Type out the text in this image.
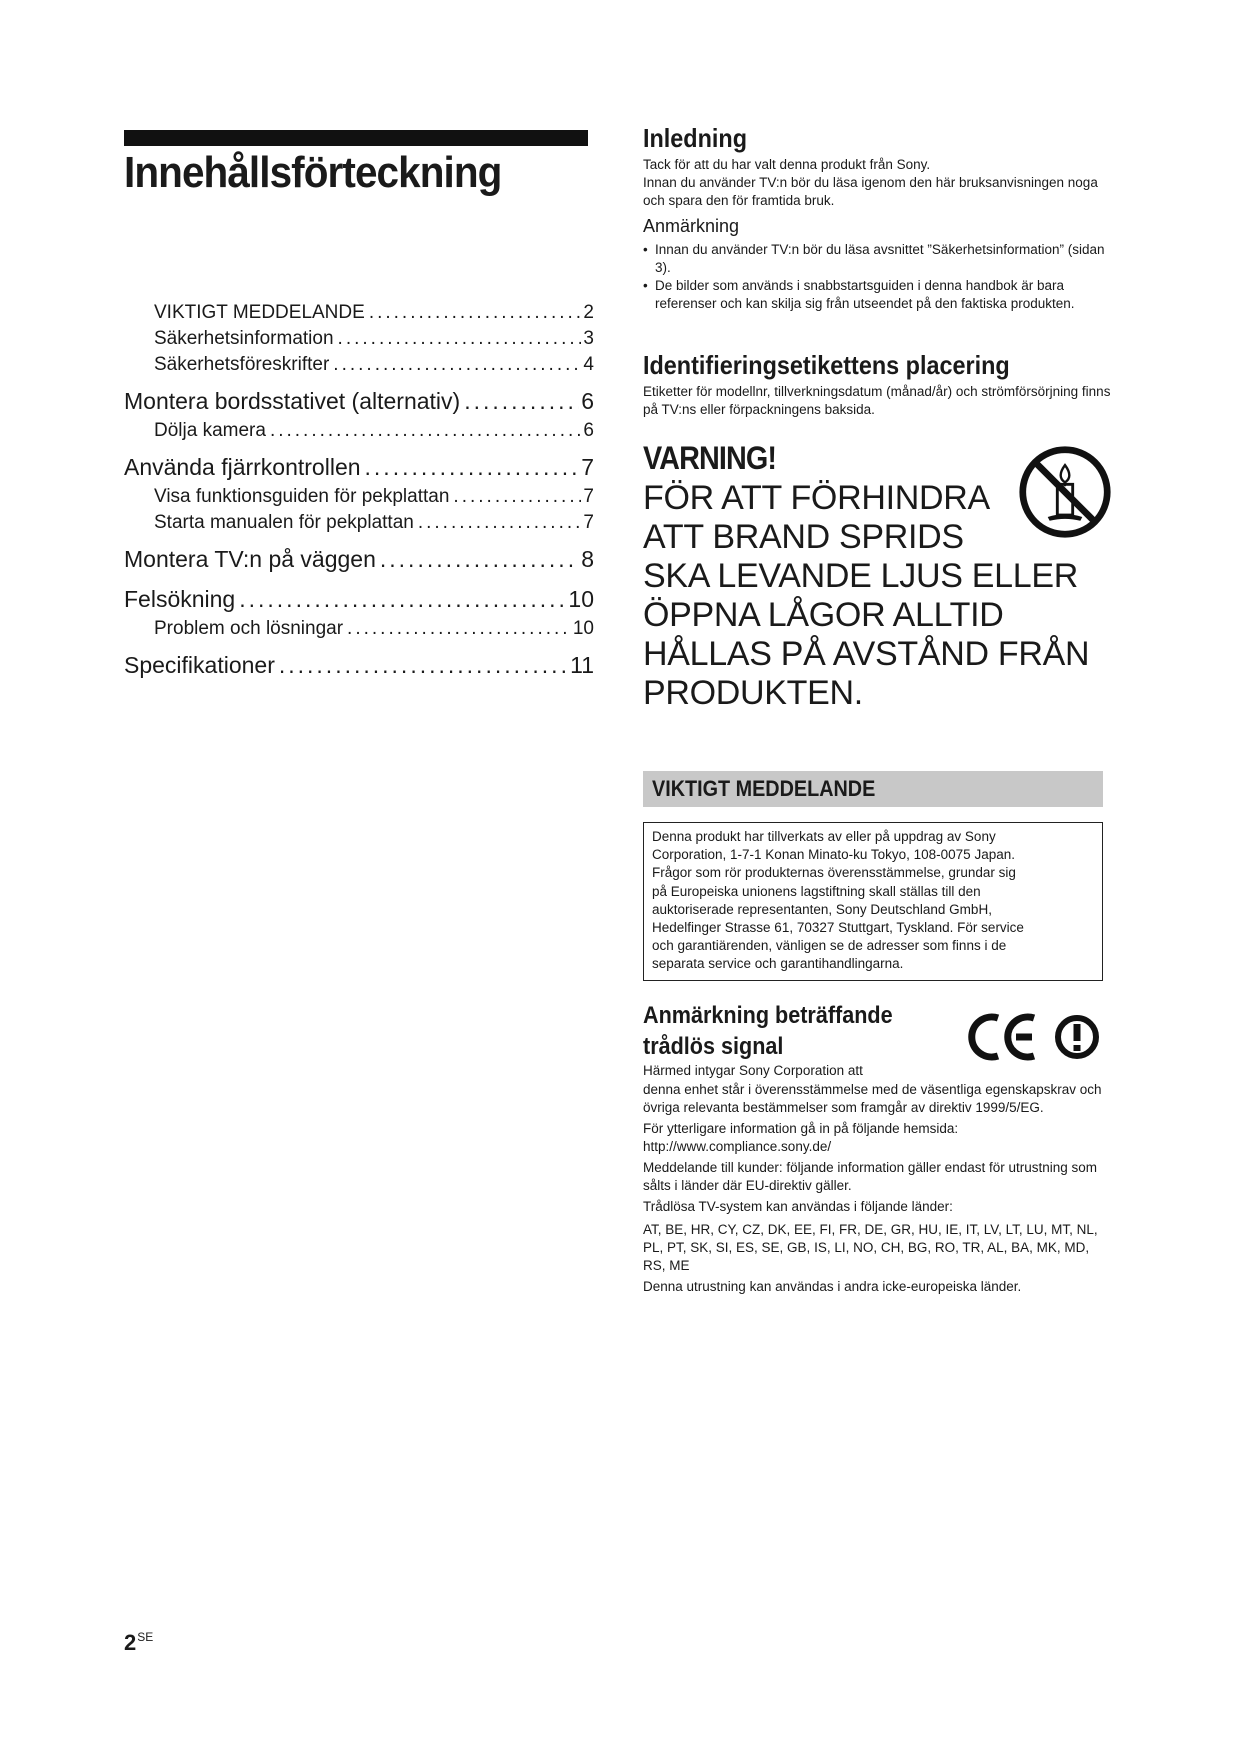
Innehållsförteckning
VIKTIGT MEDDELANDE .....	2
Säkerhetsinformation .....	3
Säkerhetsföreskrifter .....	4
Montera bordsstativet (alternativ) .....	6
Dölja kamera .....	6
Använda fjärrkontrollen .....	7
Visa funktionsguiden för pekplattan .....	7
Starta manualen för pekplattan .....	7
Montera TV:n på väggen .....	8
Felsökning .....	10
Problem och lösningar .....	10
Specifikationer .....	11
$2^{SE}$
Inledning

Tack för att du har valt denna produkt från Sony.

Innan du använder TV:n bör du läsa igenom den här bruksanvisningen noga och spara den för framtida bruk.

Anmärkning
• Innan du använder TV:n bör du läsa avsnittet ”Säkerhetsinformation” (sidan 3).
• De bilder som används i snabbstartsguiden i denna handbok är bara referenser och kan skilja sig från utseendet på den faktiska produkten.
Identifieringsetikettens placering

Etiketter för modellnr, tillverkningsdatum (månad/år) och strömförsörjning finns på TV:ns eller förpackningens baksida.

VARNING!
FÖR ATT FÖRHINDRA
ATT BRAND SPRIDS
SKA LEVANDE LJUS ELLER
ÖPPNA LÅGOR ALLTID
HÅLLAS PÅ AVSTÅND FRÅN
PRODUKTEN.
VIKTIGT MEDDELANDE
Denna produkt har tillverkats av eller på uppdrag av Sony
Corporation, 1-7-1 Konan Minato-ku Tokyo, 108-0075 Japan.
Frågor som rör produkternas överensstämmelse, grundar sig
på Europeiska unionens lagstiftning skall ställas till den
auktoriserade representanten, Sony Deutschland GmbH,
Hedelfinger Strasse 61, 70327 Stuttgart, Tyskland. För service
och garantiärenden, vänligen se de adresser som finns i de
separata service och garantihandlingarna.
Anmärkning beträffande
trådlös signal

Härmed intygar Sony Corporation att

denna enhet står i överensstämmelse med de väsentliga egenskapskrav och övriga relevanta bestämmelser som framgår av direktiv 1999/5/EG.

För ytterligare information gå in på följande hemsida:

http://www.compliance.sony.de/

Meddelande till kunder: följande information gäller endast för utrustning som sålts i länder där EU-direktiv gäller.

Trådlösa TV-system kan användas i följande länder:

AT, BE, HR, CY, CZ, DK, EE, FI, FR, DE, GR, HU, IE, IT, LV, LT, LU, MT, NL, PL, PT, SK, SI, ES, SE, GB, IS, LI, NO, CH, BG, RO, TR, AL, BA, MK, MD, RS, ME

Denna utrustning kan användas i andra icke-europeiska länder.
